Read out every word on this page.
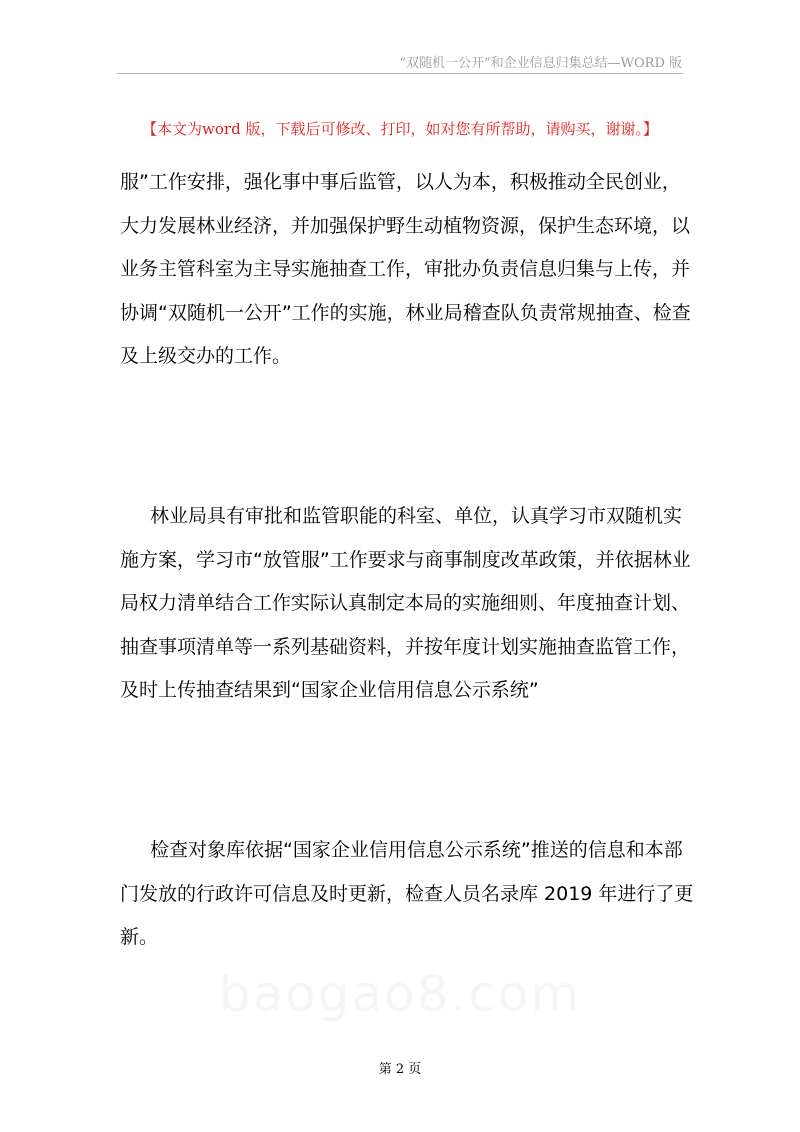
“双随机一公开”和企业信息归集总结—WORD 版
【本文为word 版，下载后可修改、打印，如对您有所帮助，请购买，谢谢。】
服”工作安排，强化事中事后监管，以人为本，积极推动全民创业，
大力发展林业经济，并加强保护野生动植物资源，保护生态环境，以
业务主管科室为主导实施抽查工作，审批办负责信息归集与上传，并
协调“双随机一公开”工作的实施，林业局稽查队负责常规抽查、检查
及上级交办的工作。
林业局具有审批和监管职能的科室、单位，认真学习市双随机实
施方案，学习市“放管服”工作要求与商事制度改革政策，并依据林业
局权力清单结合工作实际认真制定本局的实施细则、年度抽查计划、
抽查事项清单等一系列基础资料，并按年度计划实施抽查监管工作，
及时上传抽查结果到“国家企业信用信息公示系统”
检查对象库依据“国家企业信用信息公示系统”推送的信息和本部
门发放的行政许可信息及时更新，检查人员名录库 2019 年进行了更
新。
第 2 页
